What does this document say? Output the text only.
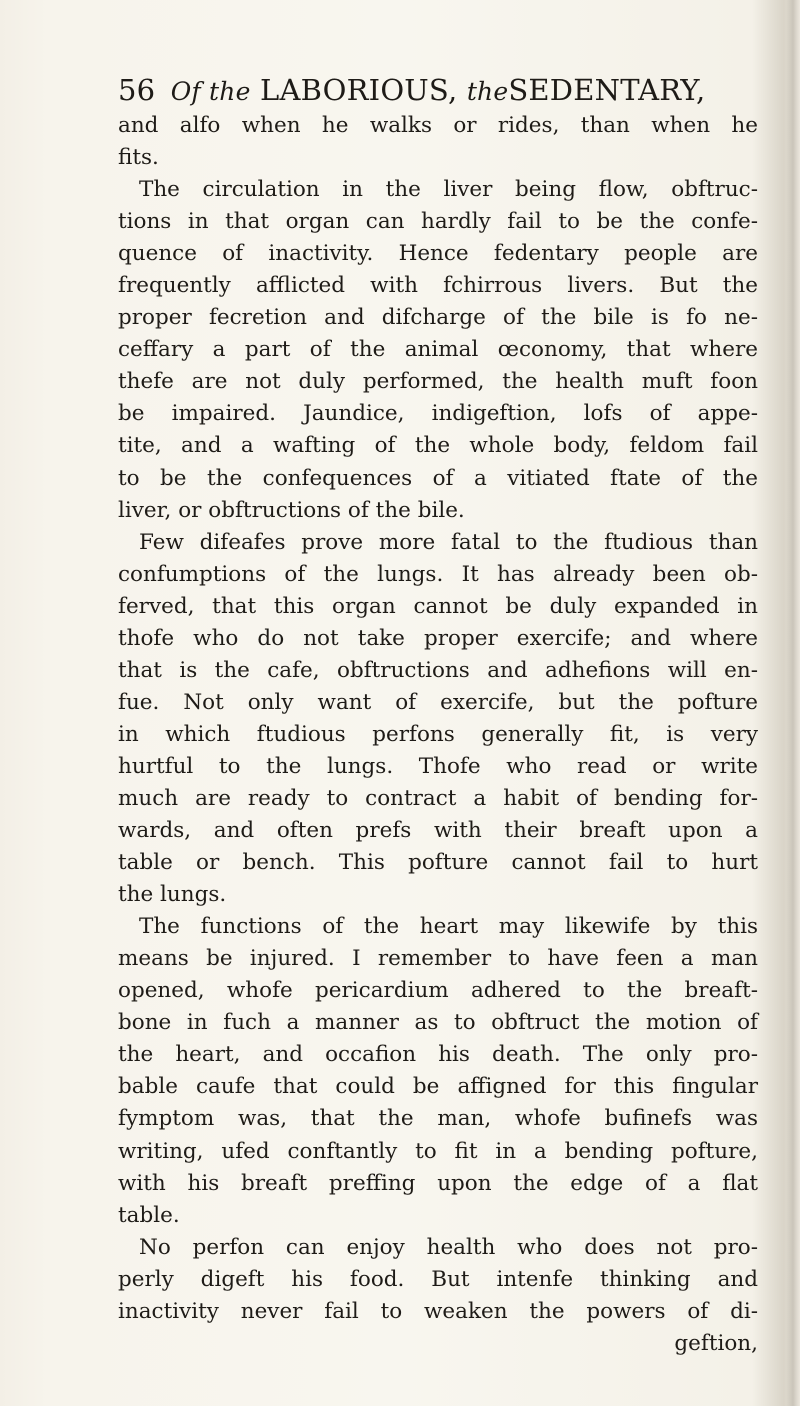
56 Of the LABORIOUS, theSEDENTARY,
and alfo when he walks or rides, than when he
fits.
The circulation in the liver being flow, obftruc-
tions in that organ can hardly fail to be the confe-
quence of inactivity. Hence fedentary people are
frequently afflicted with fchirrous livers. But the
proper fecretion and difcharge of the bile is fo ne-
ceffary a part of the animal œconomy, that where
thefe are not duly performed, the health muft foon
be impaired. Jaundice, indigeftion, lofs of appe-
tite, and a wafting of the whole body, feldom fail
to be the confequences of a vitiated ftate of the
liver, or obftructions of the bile.
Few difeafes prove more fatal to the ftudious than
confumptions of the lungs. It has already been ob-
ferved, that this organ cannot be duly expanded in
thofe who do not take proper exercife; and where
that is the cafe, obftructions and adhefions will en-
fue. Not only want of exercife, but the pofture
in which ftudious perfons generally fit, is very
hurtful to the lungs. Thofe who read or write
much are ready to contract a habit of bending for-
wards, and often prefs with their breaft upon a
table or bench. This pofture cannot fail to hurt
the lungs.
The functions of the heart may likewife by this
means be injured. I remember to have feen a man
opened, whofe pericardium adhered to the breaft-
bone in fuch a manner as to obftruct the motion of
the heart, and occafion his death. The only pro-
bable caufe that could be affigned for this fingular
fymptom was, that the man, whofe bufinefs was
writing, ufed conftantly to fit in a bending pofture,
with his breaft preffing upon the edge of a flat
table.
No perfon can enjoy health who does not pro-
perly digeft his food. But intenfe thinking and
inactivity never fail to weaken the powers of di-
geftion,
